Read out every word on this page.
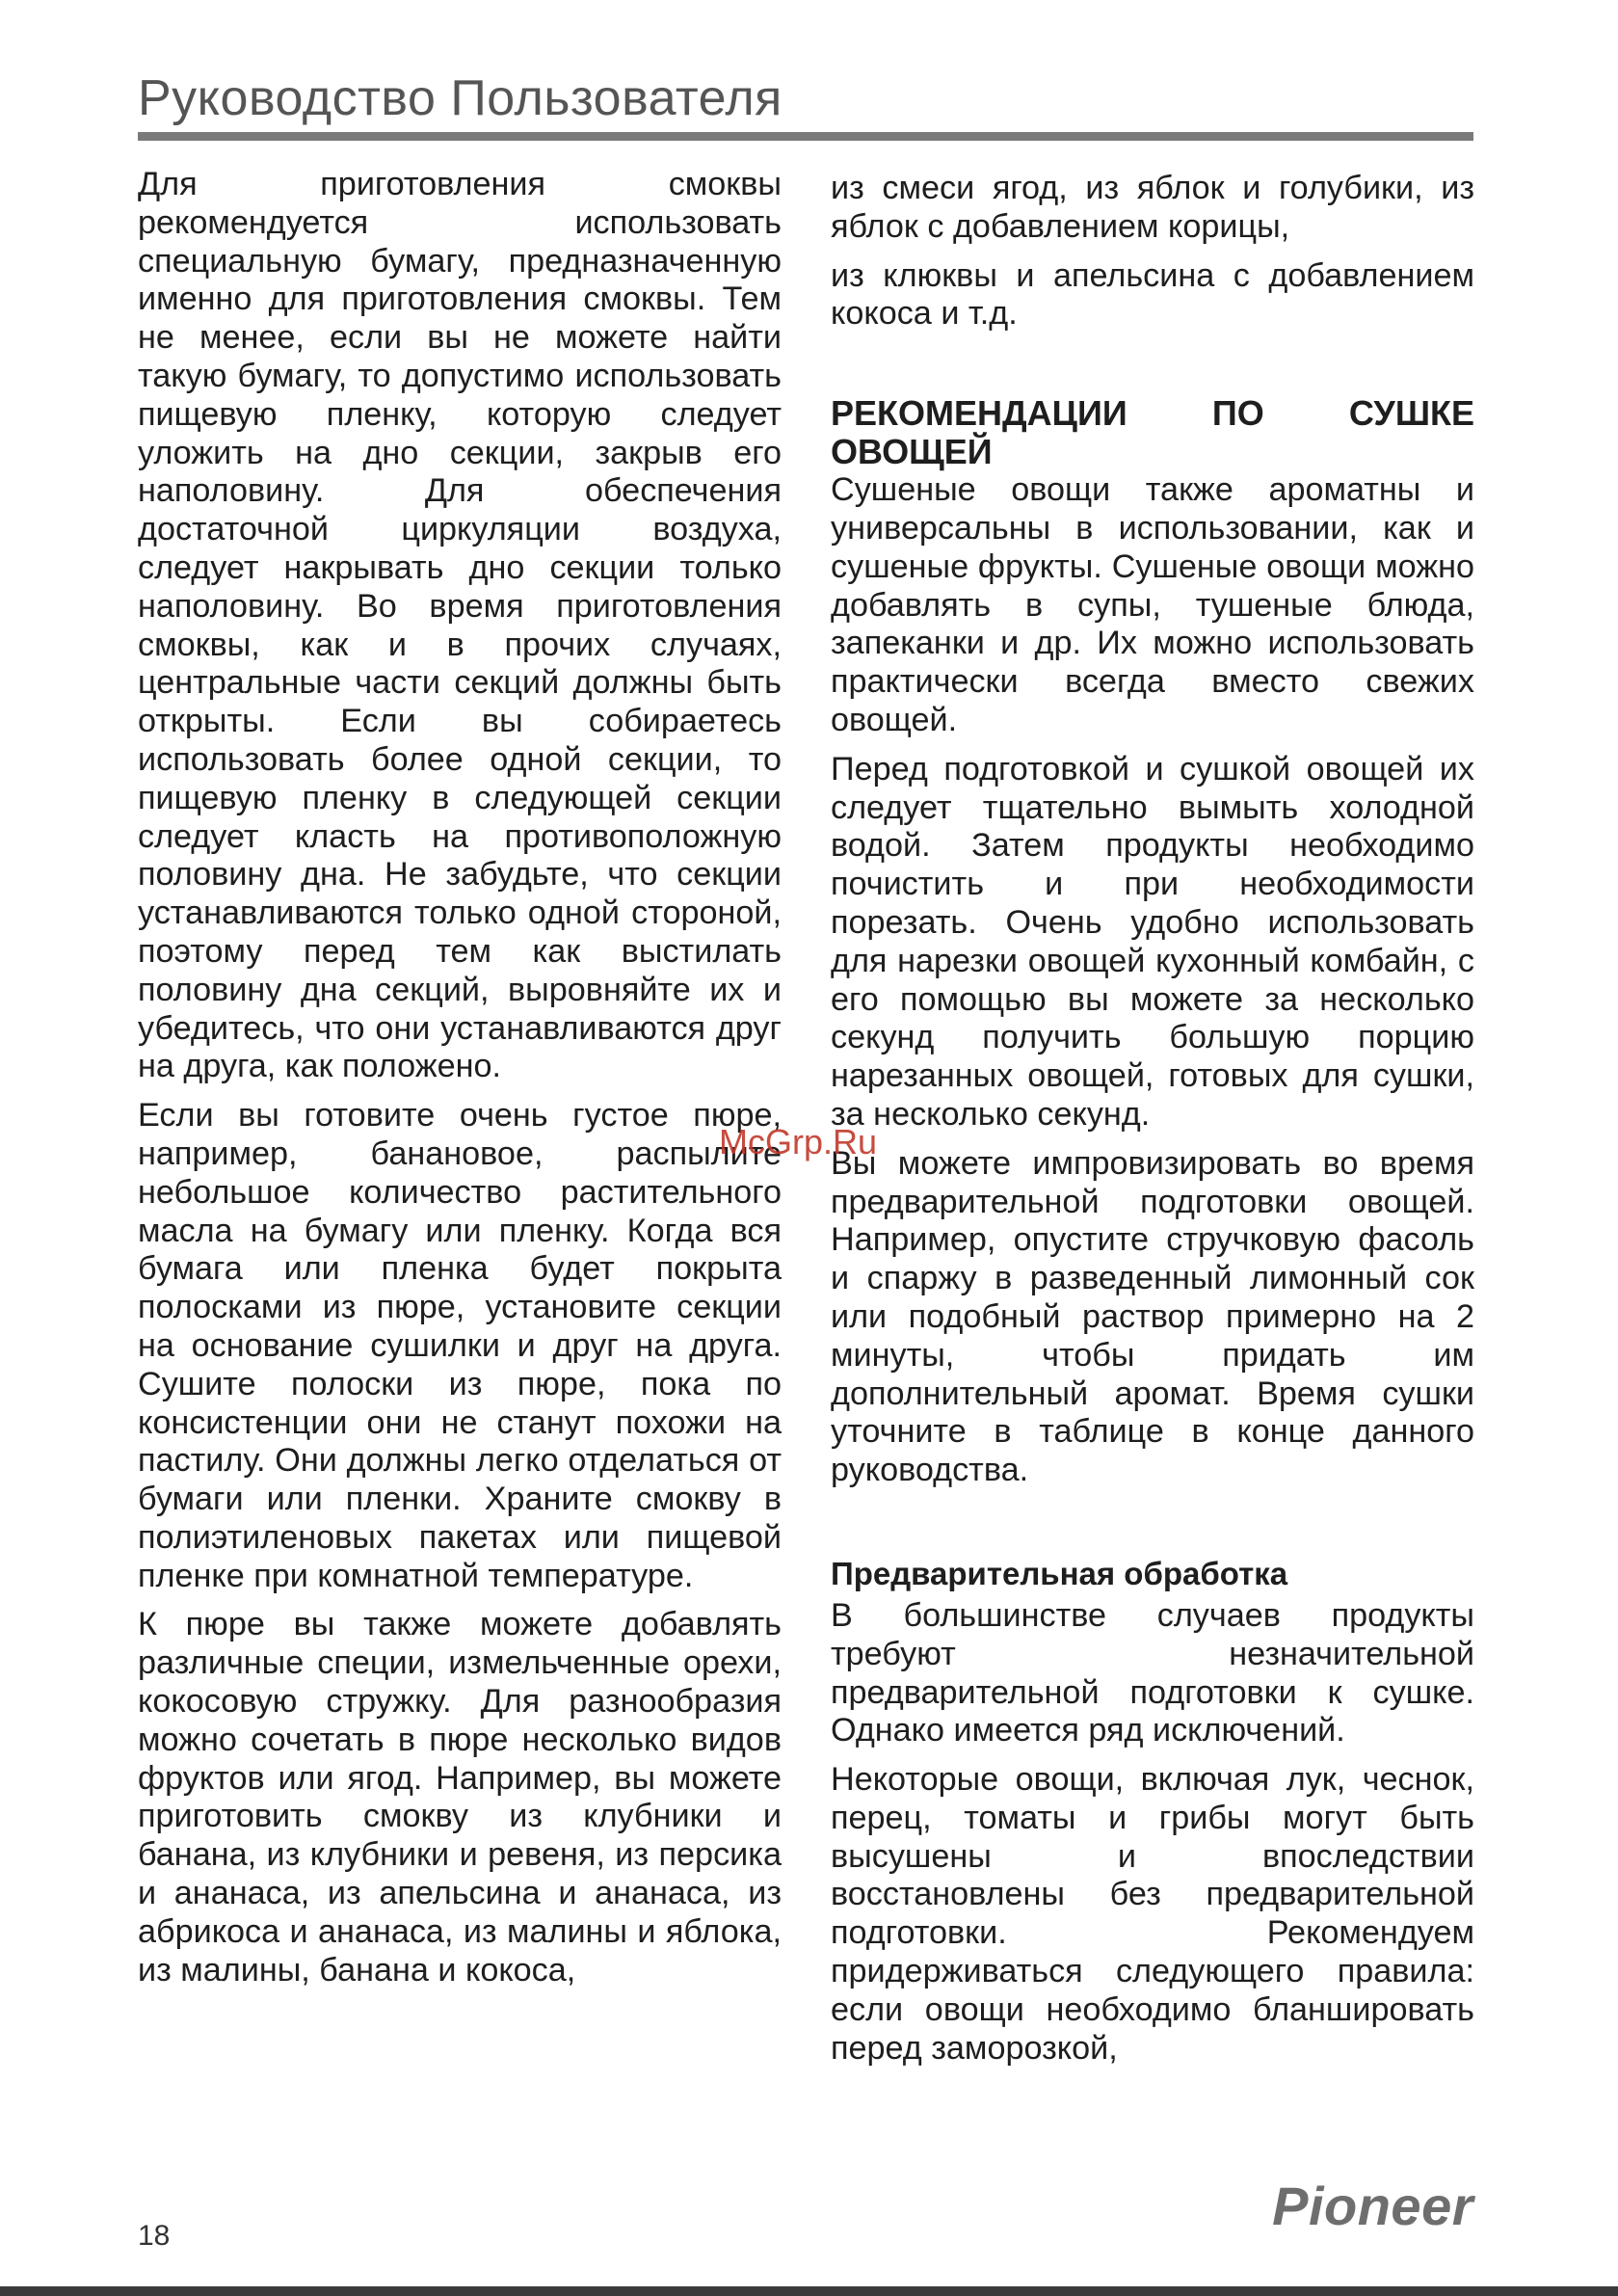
Руководство Пользователя

Для приготовления смоквы рекомендуется использовать специальную бумагу, предназначенную именно для приготовления смоквы. Тем не менее, если вы не можете найти такую бумагу, то допустимо использовать пищевую пленку, которую следует уложить на дно секции, закрыв его наполовину. Для обеспечения достаточной циркуляции воздуха, следует накрывать дно секции только наполовину. Во время приготовления смоквы, как и в прочих случаях, центральные части секций должны быть открыты. Если вы собираетесь использовать более одной секции, то пищевую пленку в следующей секции следует класть на противоположную половину дна. Не забудьте, что секции устанавливаются только одной стороной, поэтому перед тем как выстилать половину дна секций, выровняйте их и убедитесь, что они устанавливаются друг на друга, как положено.

Если вы готовите очень густое пюре, например, банановое, распылите небольшое количество растительного масла на бумагу или пленку. Когда вся бумага или пленка будет покрыта полосками из пюре, установите секции на основание сушилки и друг на друга. Сушите полоски из пюре, пока по консистенции они не станут похожи на пастилу. Они должны легко отделаться от бумаги или пленки. Храните смокву в полиэтиленовых пакетах или пищевой пленке при комнатной температуре.

К пюре вы также можете добавлять различные специи, измельченные орехи, кокосовую стружку. Для разнообразия можно сочетать в пюре несколько видов фруктов или ягод. Например, вы можете приготовить смокву из клубники и банана, из клубники и ревеня, из персика и ананаса, из апельсина и ананаса, из абрикоса и ананаса, из малины и яблока, из малины, банана и кокоса,

из смеси ягод, из яблок и голубики, из яблок с добавлением корицы,

из клюквы и апельсина с добавлением кокоса и т.д.

РЕКОМЕНДАЦИИ ПО СУШКЕ ОВОЩЕЙ

Сушеные овощи также ароматны и универсальны в использовании, как и сушеные фрукты. Сушеные овощи можно добавлять в супы, тушеные блюда, запеканки и др. Их можно использовать практически всегда вместо свежих овощей.

Перед подготовкой и сушкой овощей их следует тщательно вымыть холодной водой. Затем продукты необходимо почистить и при необходимости порезать. Очень удобно использовать для нарезки овощей кухонный комбайн, с его помощью вы можете за несколько секунд получить большую порцию нарезанных овощей, готовых для сушки, за несколько секунд.

Вы можете импровизировать во время предварительной подготовки овощей. Например, опустите стручковую фасоль и спаржу в разведенный лимонный сок или подобный раствор примерно на 2 минуты, чтобы придать им дополнительный аромат. Время сушки уточните в таблице в конце данного руководства.

Предварительная обработка

В большинстве случаев продукты требуют незначительной предварительной подготовки к сушке. Однако имеется ряд исключений.

Некоторые овощи, включая лук, чеснок, перец, томаты и грибы могут быть высушены и впоследствии восстановлены без предварительной подготовки. Рекомендуем придерживаться следующего правила: если овощи необходимо бланшировать перед заморозкой,

McGrp.Ru
18	Pioneer
